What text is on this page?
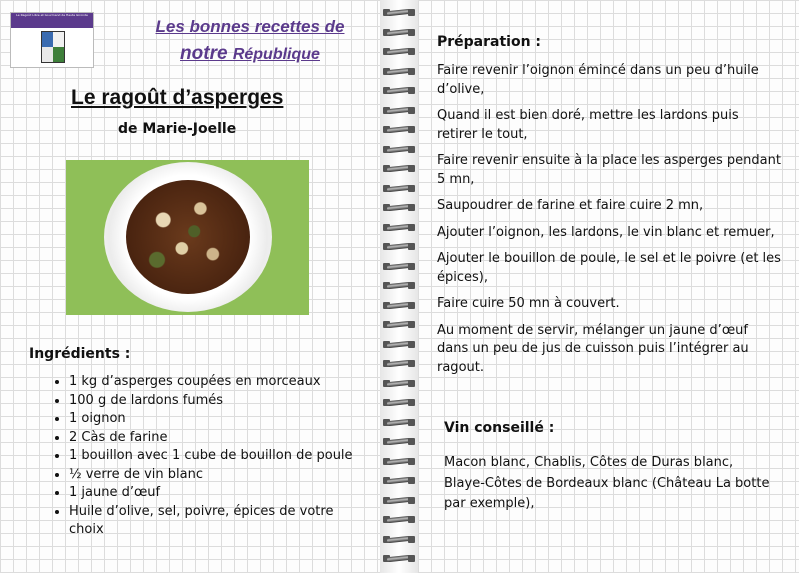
Le Ragoût Libre et Gourmand de Haute Gironde
Les bonnes recettes de
notre République
Le ragoût d’asperges
de Marie-Joelle
Ingrédients :
• 1 kg d’asperges coupées en morceaux
• 100 g de lardons fumés
• 1 oignon
• 2 Càs de farine
• 1 bouillon avec 1 cube de bouillon de poule
• ½ verre de vin blanc
• 1 jaune d’œuf
• Huile d’olive, sel, poivre, épices de votre choix
Préparation :

Faire revenir l’oignon émincé dans un peu d’huile d’olive,

Quand il est bien doré, mettre les lardons puis retirer le tout,

Faire revenir ensuite à la place les asperges pendant 5 mn,

Saupoudrer de farine et faire cuire 2 mn,

Ajouter l’oignon, les lardons, le vin blanc et remuer,

Ajouter le bouillon de poule, le sel et le poivre (et les épices),

Faire cuire 50 mn à couvert.

Au moment de servir, mélanger un jaune d’œuf dans un peu de jus de cuisson puis l’intégrer au ragout.

Vin conseillé :
Macon blanc, Chablis, Côtes de Duras blanc,
Blaye-Côtes de Bordeaux blanc (Château La botte par exemple),
